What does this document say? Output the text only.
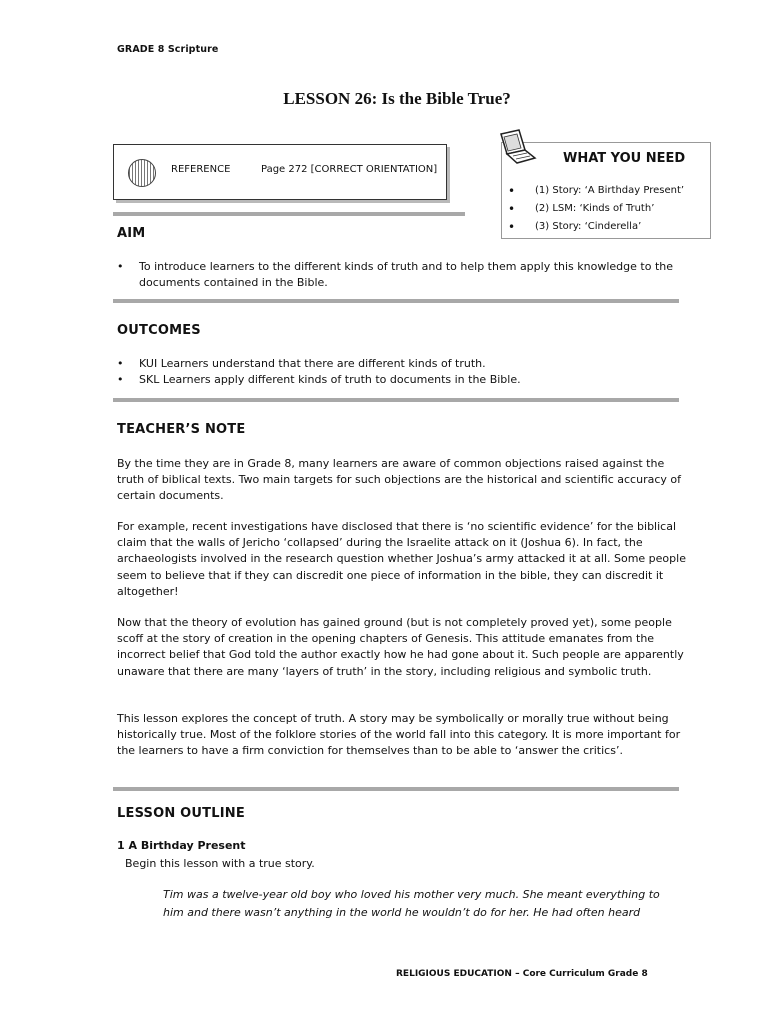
GRADE 8 Scripture
LESSON 26: Is the Bible True?
REFERENCE	Page 272 [CORRECT ORIENTATION]
WHAT YOU NEED
• (1) Story: ‘A Birthday Present’
• (2) LSM: ‘Kinds of Truth’
• (3) Story: ‘Cinderella’
AIM
• To introduce learners to the different kinds of truth and to help them apply this knowledge to the documents contained in the Bible.
OUTCOMES
• KUI Learners understand that there are different kinds of truth.
• SKL Learners apply different kinds of truth to documents in the Bible.
TEACHER’S NOTE
By the time they are in Grade 8, many learners are aware of common objections raised against the truth of biblical texts. Two main targets for such objections are the historical and scientific accuracy of certain documents.
For example, recent investigations have disclosed that there is ‘no scientific evidence’ for the biblical claim that the walls of Jericho ‘collapsed’ during the Israelite attack on it (Joshua 6). In fact, the archaeologists involved in the research question whether Joshua’s army attacked it at all. Some people seem to believe that if they can discredit one piece of information in the bible, they can discredit it altogether!
Now that the theory of evolution has gained ground (but is not completely proved yet), some people scoff at the story of creation in the opening chapters of Genesis. This attitude emanates from the incorrect belief that God told the author exactly how he had gone about it. Such people are apparently unaware that there are many ‘layers of truth’ in the story, including religious and symbolic truth.
This lesson explores the concept of truth. A story may be symbolically or morally true without being historically true. Most of the folklore stories of the world fall into this category. It is more important for the learners to have a firm conviction for themselves than to be able to ‘answer the critics’.
LESSON OUTLINE
1 A Birthday Present
Begin this lesson with a true story.
Tim was a twelve-year old boy who loved his mother very much. She meant everything to him and there wasn’t anything in the world he wouldn’t do for her. He had often heard
RELIGIOUS EDUCATION – Core Curriculum Grade 8
